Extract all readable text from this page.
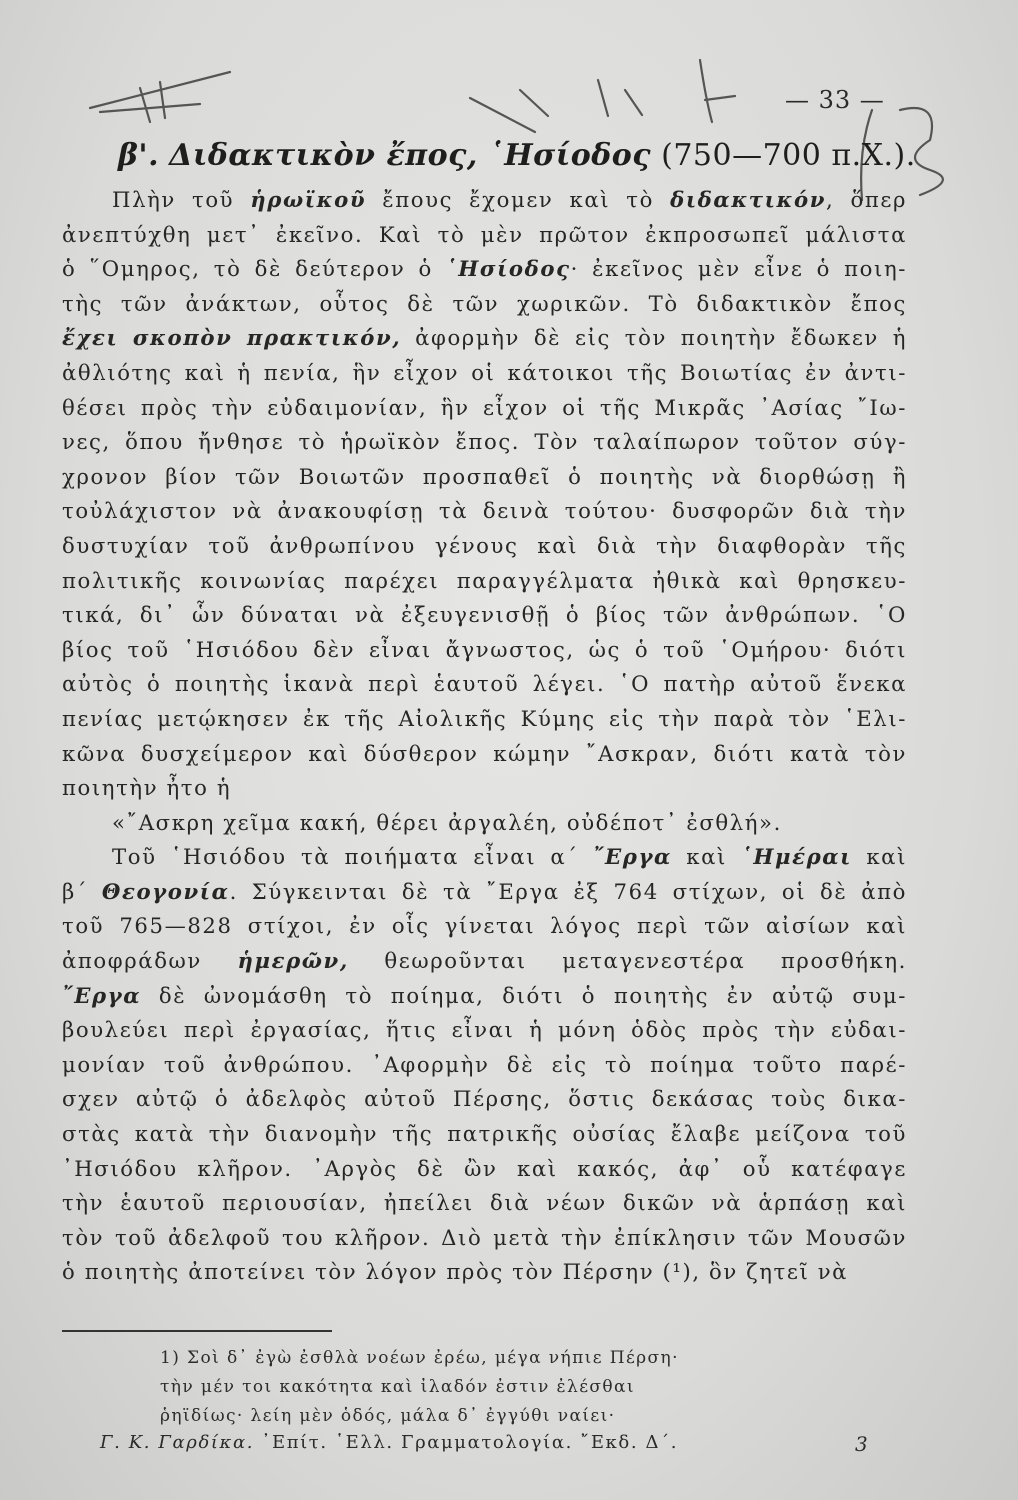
— 33 —
β'. Διδακτικὸν ἔπος, ῾Ησίοδος (750—700 π.Χ.).
Πλὴν τοῦ ἡρωϊκοῦ ἔπους ἔχομεν καὶ τὸ διδακτικόν, ὅπερ
ἀνεπτύχθη μετ᾽ ἐκεῖνο. Καὶ τὸ μὲν πρῶτον ἐκπροσωπεῖ μάλιστα
ὁ ῞Ομηρος, τὸ δὲ δεύτερον ὁ ῾Ησίοδος· ἐκεῖνος μὲν εἶνε ὁ ποιη-
τὴς τῶν ἀνάκτων, οὗτος δὲ τῶν χωρικῶν. Τὸ διδακτικὸν ἔπος
ἔχει σκοπὸν πρακτικόν, ἀφορμὴν δὲ εἰς τὸν ποιητὴν ἔδωκεν ἡ
ἀθλιότης καὶ ἡ πενία, ἣν εἶχον οἱ κάτοικοι τῆς Βοιωτίας ἐν ἀντι-
θέσει πρὸς τὴν εὐδαιμονίαν, ἣν εἶχον οἱ τῆς Μικρᾶς ᾿Ασίας ῎Ιω-
νες, ὅπου ἤνθησε τὸ ἡρωϊκὸν ἔπος. Τὸν ταλαίπωρον τοῦτον σύγ-
χρονον βίον τῶν Βοιωτῶν προσπαθεῖ ὁ ποιητὴς νὰ διορθώσῃ ἢ
τοὐλάχιστον νὰ ἀνακουφίσῃ τὰ δεινὰ τούτου· δυσφορῶν διὰ τὴν
δυστυχίαν τοῦ ἀνθρωπίνου γένους καὶ διὰ τὴν διαφθορὰν τῆς
πολιτικῆς κοινωνίας παρέχει παραγγέλματα ἠθικὰ καὶ θρησκευ-
τικά, δι᾽ ὧν δύναται νὰ ἐξευγενισθῇ ὁ βίος τῶν ἀνθρώπων. ῾Ο
βίος τοῦ ῾Ησιόδου δὲν εἶναι ἄγνωστος, ὡς ὁ τοῦ ῾Ομήρου· διότι
αὐτὸς ὁ ποιητὴς ἱκανὰ περὶ ἑαυτοῦ λέγει. ῾Ο πατὴρ αὐτοῦ ἕνεκα
πενίας μετῴκησεν ἐκ τῆς Αἰολικῆς Κύμης εἰς τὴν παρὰ τὸν ῾Ελι-
κῶνα δυσχείμερον καὶ δύσθερον κώμην ῎Ασκραν, διότι κατὰ τὸν
ποιητὴν ἦτο ἡ
«῎Ασκρη χεῖμα κακή, θέρει ἀργαλέη, οὐδέποτ᾽ ἐσθλή».
Τοῦ ῾Ησιόδου τὰ ποιήματα εἶναι α´ ῎Εργα καὶ ῾Ημέραι καὶ
β´ Θεογονία. Σύγκεινται δὲ τὰ ῎Εργα ἐξ 764 στίχων, οἱ δὲ ἀπὸ
τοῦ 765—828 στίχοι, ἐν οἷς γίνεται λόγος περὶ τῶν αἰσίων καὶ
ἀποφράδων ἡμερῶν, θεωροῦνται μεταγενεστέρα προσθήκη.
῎Εργα δὲ ὠνομάσθη τὸ ποίημα, διότι ὁ ποιητὴς ἐν αὐτῷ συμ-
βουλεύει περὶ ἐργασίας, ἥτις εἶναι ἡ μόνη ὁδὸς πρὸς τὴν εὐδαι-
μονίαν τοῦ ἀνθρώπου. ᾿Αφορμὴν δὲ εἰς τὸ ποίημα τοῦτο παρέ-
σχεν αὐτῷ ὁ ἀδελφὸς αὐτοῦ Πέρσης, ὅστις δεκάσας τοὺς δικα-
στὰς κατὰ τὴν διανομὴν τῆς πατρικῆς οὐσίας ἔλαβε μείζονα τοῦ
᾿Ησιόδου κλῆρον. ᾿Αργὸς δὲ ὢν καὶ κακός, ἀφ᾽ οὗ κατέφαγε
τὴν ἑαυτοῦ περιουσίαν, ἠπείλει διὰ νέων δικῶν νὰ ἁρπάσῃ καὶ
τὸν τοῦ ἀδελφοῦ του κλῆρον. Διὸ μετὰ τὴν ἐπίκλησιν τῶν Μουσῶν
ὁ ποιητὴς ἀποτείνει τὸν λόγον πρὸς τὸν Πέρσην (¹), ὃν ζητεῖ νὰ
1) Σοὶ δ᾽ ἐγὼ ἐσθλὰ νοέων ἐρέω, μέγα νήπιε Πέρση·
τὴν μέν τοι κακότητα καὶ ἰλαδόν ἐστιν ἐλέσθαι
ῥηϊδίως· λείη μὲν ὁδός, μάλα δ᾽ ἐγγύθι ναίει·
Γ. Κ. Γαρδίκα. ᾿Επίτ. ῾Ελλ. Γραμματολογία. ῎Εκδ. Δ´.	3
